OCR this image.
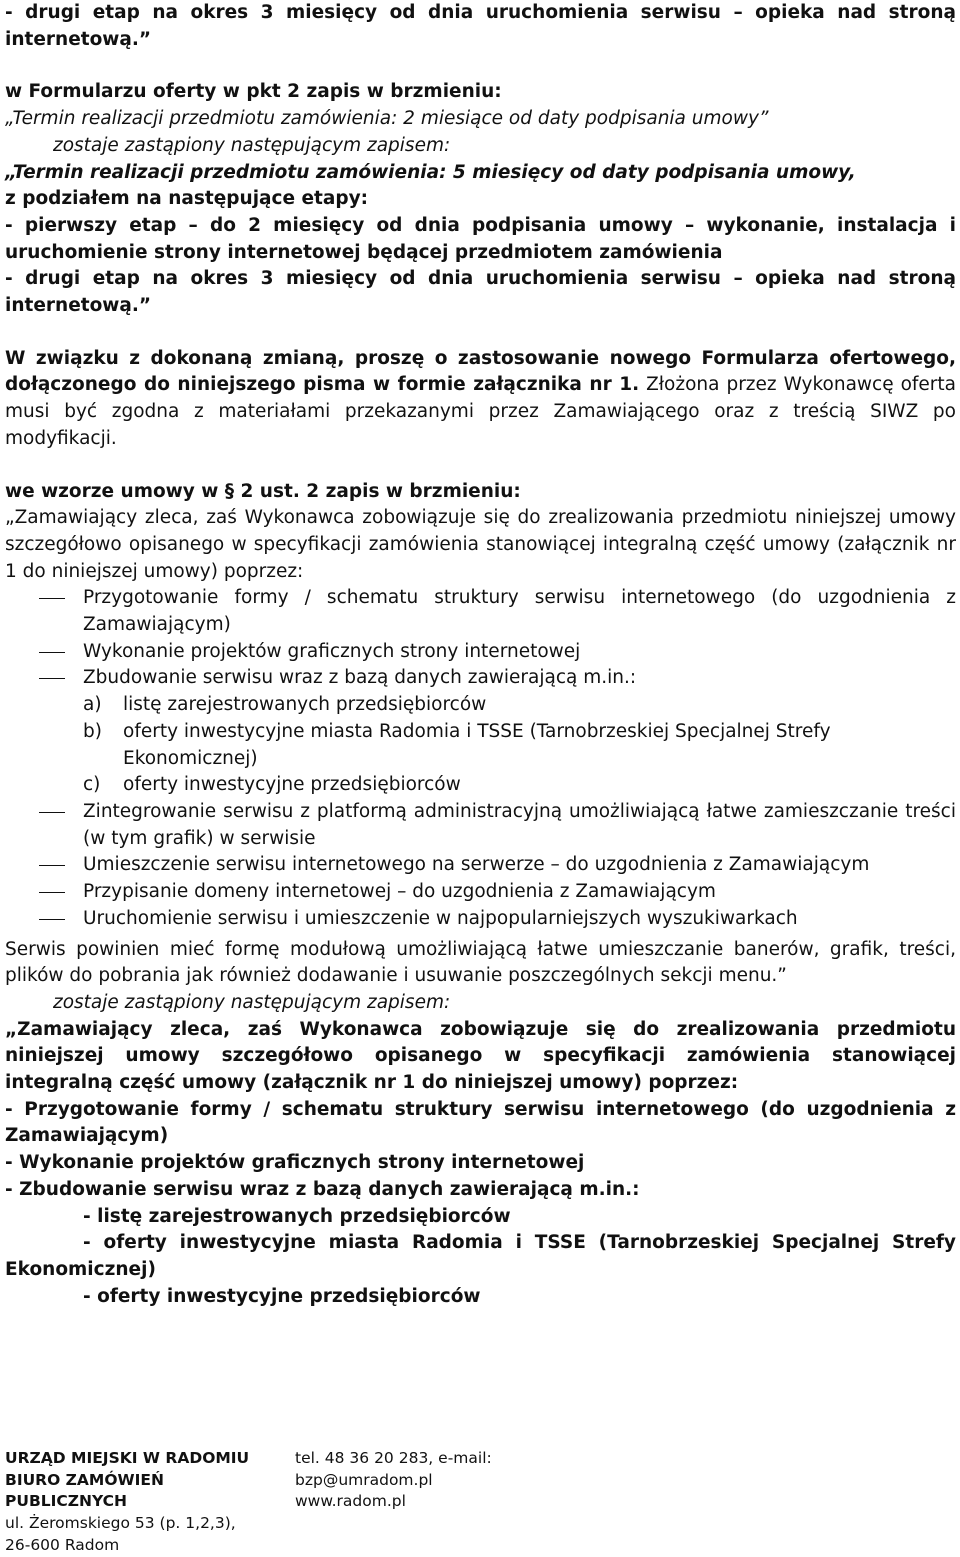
- drugi etap na okres 3 miesięcy od dnia uruchomienia serwisu – opieka nad stroną internetową.”

w Formularzu oferty w pkt 2 zapis w brzmieniu:

„Termin realizacji przedmiotu zamówienia: 2 miesiące od daty podpisania umowy”

zostaje zastąpiony następującym zapisem:

„Termin realizacji przedmiotu zamówienia: 5 miesięcy od daty podpisania umowy,

z podziałem na następujące etapy:

- pierwszy etap – do 2 miesięcy od dnia podpisania umowy – wykonanie, instalacja i uruchomienie strony internetowej będącej przedmiotem zamówienia

- drugi etap na okres 3 miesięcy od dnia uruchomienia serwisu – opieka nad stroną internetową.”

W związku z dokonaną zmianą, proszę o zastosowanie nowego Formularza ofertowego, dołączonego do niniejszego pisma w formie załącznika nr 1. Złożona przez Wykonawcę oferta musi być zgodna z materiałami przekazanymi przez Zamawiającego oraz z treścią SIWZ po modyfikacji.

we wzorze umowy w § 2 ust. 2 zapis w brzmieniu:

„Zamawiający zleca, zaś Wykonawca zobowiązuje się do zrealizowania przedmiotu niniejszej umowy szczegółowo opisanego w specyfikacji zamówienia stanowiącej integralną część umowy (załącznik nr 1 do niniejszej umowy) poprzez:

Przygotowanie formy / schematu struktury serwisu internetowego (do uzgodnienia z Zamawiającym)

Wykonanie projektów graficznych strony internetowej

Zbudowanie serwisu wraz z bazą danych zawierającą m.in.:

a) listę zarejestrowanych przedsiębiorców

b) oferty inwestycyjne miasta Radomia i TSSE (Tarnobrzeskiej Specjalnej Strefy Ekonomicznej)

c) oferty inwestycyjne przedsiębiorców

Zintegrowanie serwisu z platformą administracyjną umożliwiającą łatwe zamieszczanie treści (w tym grafik) w serwisie

Umieszczenie serwisu internetowego na serwerze – do uzgodnienia z Zamawiającym

Przypisanie domeny internetowej – do uzgodnienia z Zamawiającym

Uruchomienie serwisu i umieszczenie w najpopularniejszych wyszukiwarkach

Serwis powinien mieć formę modułową umożliwiającą łatwe umieszczanie banerów, grafik, treści, plików do pobrania jak również dodawanie i usuwanie poszczególnych sekcji menu.”

zostaje zastąpiony następującym zapisem:

„Zamawiający zleca, zaś Wykonawca zobowiązuje się do zrealizowania przedmiotu niniejszej umowy szczegółowo opisanego w specyfikacji zamówienia stanowiącej integralną część umowy (załącznik nr 1 do niniejszej umowy) poprzez:

- Przygotowanie formy / schematu struktury serwisu internetowego (do uzgodnienia z Zamawiającym)

- Wykonanie projektów graficznych strony internetowej

- Zbudowanie serwisu wraz z bazą danych zawierającą m.in.:

- listę zarejestrowanych przedsiębiorców

- oferty inwestycyjne miasta Radomia i TSSE (Tarnobrzeskiej Specjalnej Strefy Ekonomicznej)

- oferty inwestycyjne przedsiębiorców

URZĄD MIEJSKI W RADOMIU
BIURO ZAMÓWIEŃ
PUBLICZNYCH
ul. Żeromskiego 53 (p. 1,2,3),
26-600 Radom
tel. 48 36 20 283, e-mail:
bzp@umradom.pl
www.radom.pl
